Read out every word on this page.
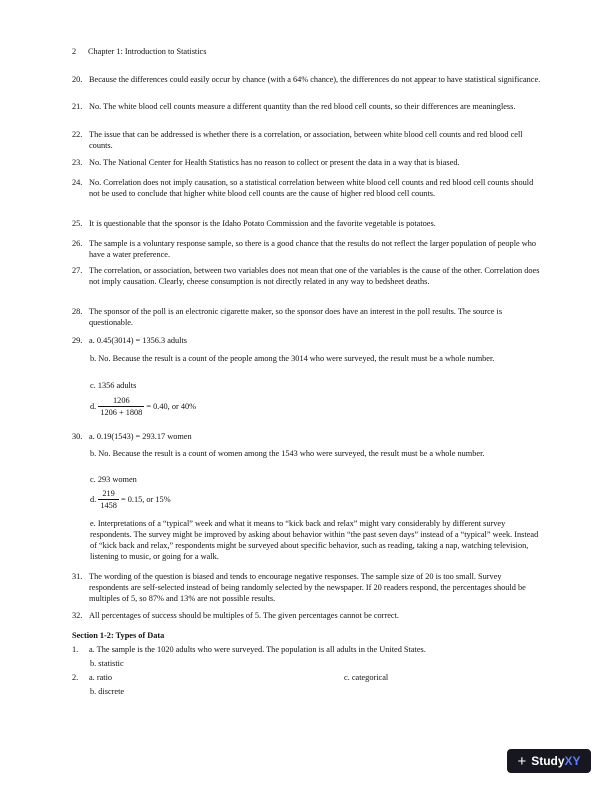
2 Chapter 1: Introduction to Statistics
20. Because the differences could easily occur by chance (with a 64% chance), the differences do not appear to have statistical significance.
21. No. The white blood cell counts measure a different quantity than the red blood cell counts, so their differences are meaningless.
22. The issue that can be addressed is whether there is a correlation, or association, between white blood cell counts and red blood cell counts.
23. No. The National Center for Health Statistics has no reason to collect or present the data in a way that is biased.
24. No. Correlation does not imply causation, so a statistical correlation between white blood cell counts and red blood cell counts should not be used to conclude that higher white blood cell counts are the cause of higher red blood cell counts.
25. It is questionable that the sponsor is the Idaho Potato Commission and the favorite vegetable is potatoes.
26. The sample is a voluntary response sample, so there is a good chance that the results do not reflect the larger population of people who have a water preference.
27. The correlation, or association, between two variables does not mean that one of the variables is the cause of the other. Correlation does not imply causation. Clearly, cheese consumption is not directly related in any way to bedsheet deaths.
28. The sponsor of the poll is an electronic cigarette maker, so the sponsor does have an interest in the poll results. The source is questionable.
29. a. 0.45(3014) = 1356.3 adults
b. No. Because the result is a count of the people among the 3014 who were surveyed, the result must be a whole number.
c. 1356 adults
d. $\frac{1206}{1206 + 1808} = 0.40$, or 40%
30. a. 0.19(1543) = 293.17 women
b. No. Because the result is a count of women among the 1543 who were surveyed, the result must be a whole number.
c. 293 women
d. $\frac{219}{1458} = 0.15$, or 15%
e. Interpretations of a “typical” week and what it means to “kick back and relax” might vary considerably by different survey respondents. The survey might be improved by asking about behavior within “the past seven days” instead of a “typical” week. Instead of “kick back and relax,” respondents might be surveyed about specific behavior, such as reading, taking a nap, watching television, listening to music, or going for a walk.
31. The wording of the question is biased and tends to encourage negative responses. The sample size of 20 is too small. Survey respondents are self-selected instead of being randomly selected by the newspaper. If 20 readers respond, the percentages should be multiples of 5, so 87% and 13% are not possible results.
32. All percentages of success should be multiples of 5. The given percentages cannot be correct.
Section 1-2: Types of Data
1. a. The sample is the 1020 adults who were surveyed. The population is all adults in the United States.
b. statistic
2. a. ratio	c. categorical
b. discrete
+ StudyXY
